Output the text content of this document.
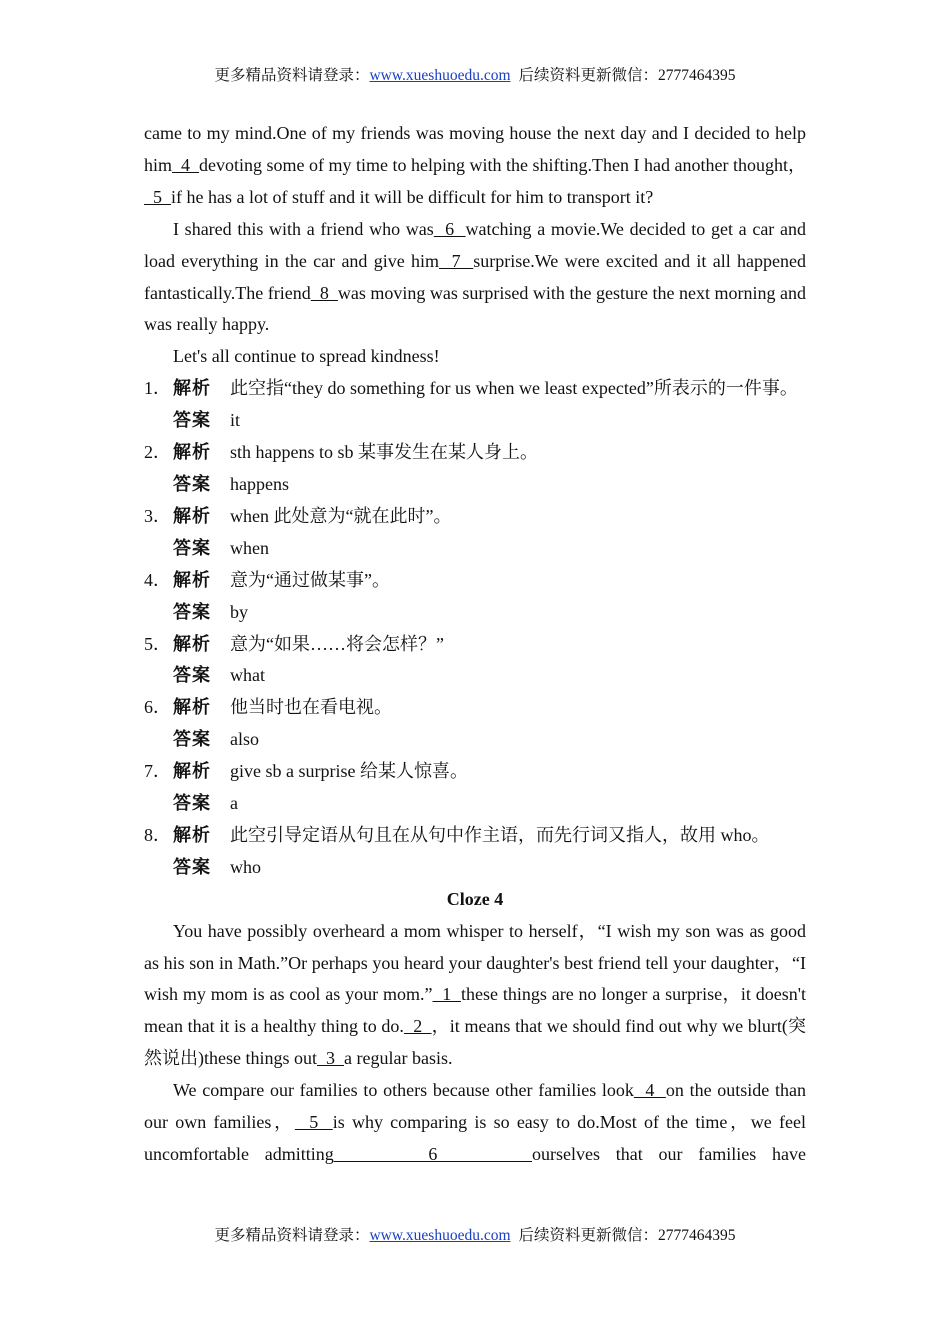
更多精品资料请登录：www.xueshuoedu.com 后续资料更新微信：2777464395

came to my mind.One of my friends was moving house the next day and I decided to help him  4  devoting some of my time to helping with the shifting.Then I had another thought，  5  if he has a lot of stuff and it will be difficult for him to transport it?

I shared this with a friend who was  6  watching a movie.We decided to get a car and load everything in the car and give him  7  surprise.We were excited and it all happened fantastically.The friend  8  was moving was surprised with the gesture the next morning and was really happy.

Let's all continue to spread kindness!

1． 解析 此空指“they do something for us when we least expected”所表示的一件事。
答案 it
2． 解析 sth happens to sb 某事发生在某人身上。
答案 happens
3． 解析 when 此处意为“就在此时”。
答案 when
4． 解析 意为“通过做某事”。
答案 by
5． 解析 意为“如果……将会怎样？”
答案 what
6． 解析 他当时也在看电视。
答案 also
7． 解析 give sb a surprise 给某人惊喜。
答案 a
8． 解析 此空引导定语从句且在从句中作主语，而先行词又指人，故用 who。
答案 who

Cloze 4

You have possibly overheard a mom whisper to herself，“I wish my son was as good as his son in Math.”Or perhaps you heard your daughter's best friend tell your daughter，“I wish my mom is as cool as your mom.”  1  these things are no longer a surprise，it doesn't mean that it is a healthy thing to do.  2  ，it means that we should find out why we blurt(突然说出)these things out  3  a regular basis.

We compare our families to others because other families look  4  on the outside than our own families，  5  is why comparing is so easy to do.Most of the time，we feel uncomfortable admitting      6      ourselves that our families have

更多精品资料请登录：www.xueshuoedu.com 后续资料更新微信：2777464395
